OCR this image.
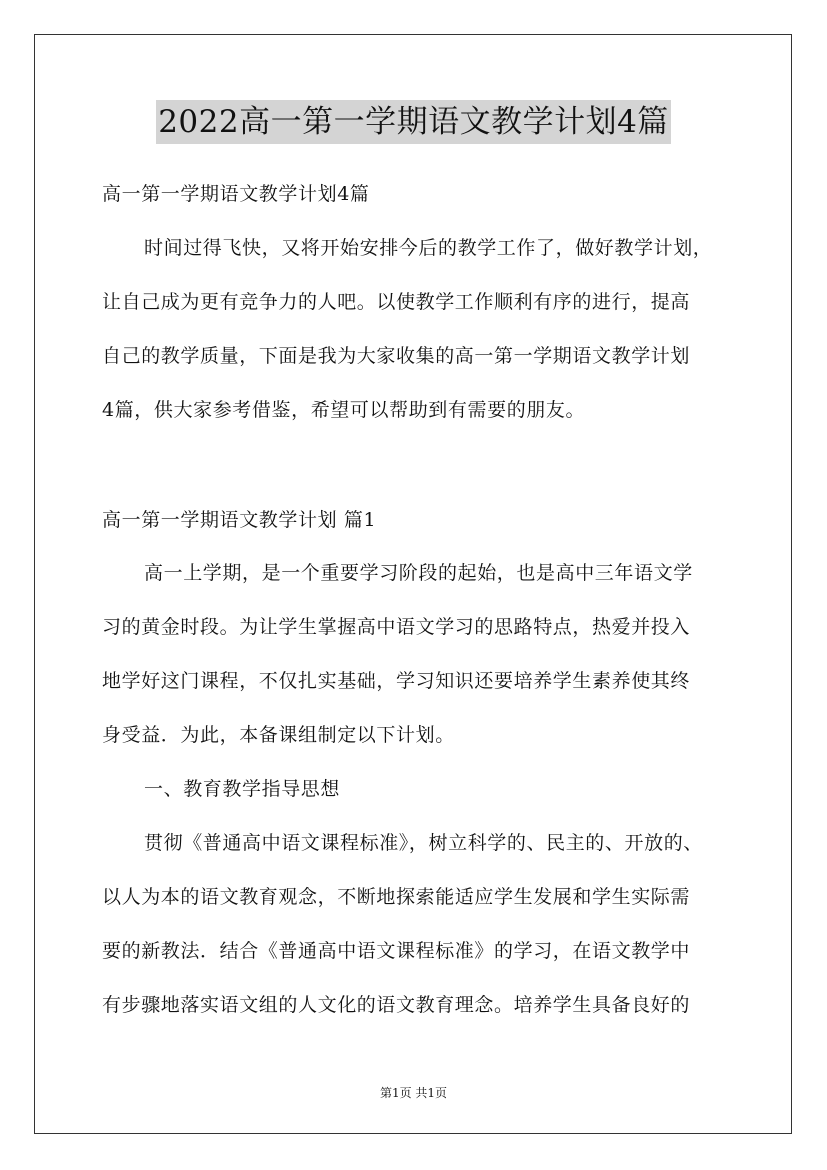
2022高一第一学期语文教学计划4篇
高一第一学期语文教学计划4篇
时间过得飞快，又将开始安排今后的教学工作了，做好教学计划，
让自己成为更有竞争力的人吧。以使教学工作顺利有序的进行，提高
自己的教学质量，下面是我为大家收集的高一第一学期语文教学计划
4篇，供大家参考借鉴，希望可以帮助到有需要的朋友。
高一第一学期语文教学计划 篇1
高一上学期，是一个重要学习阶段的起始，也是高中三年语文学
习的黄金时段。为让学生掌握高中语文学习的思路特点，热爱并投入
地学好这门课程，不仅扎实基础，学习知识还要培养学生素养使其终
身受益．为此，本备课组制定以下计划。
一、教育教学指导思想
贯彻《普通高中语文课程标准》，树立科学的、民主的、开放的、
以人为本的语文教育观念，不断地探索能适应学生发展和学生实际需
要的新教法．结合《普通高中语文课程标准》的学习，在语文教学中
有步骤地落实语文组的人文化的语文教育理念。培养学生具备良好的
第1页 共1页
